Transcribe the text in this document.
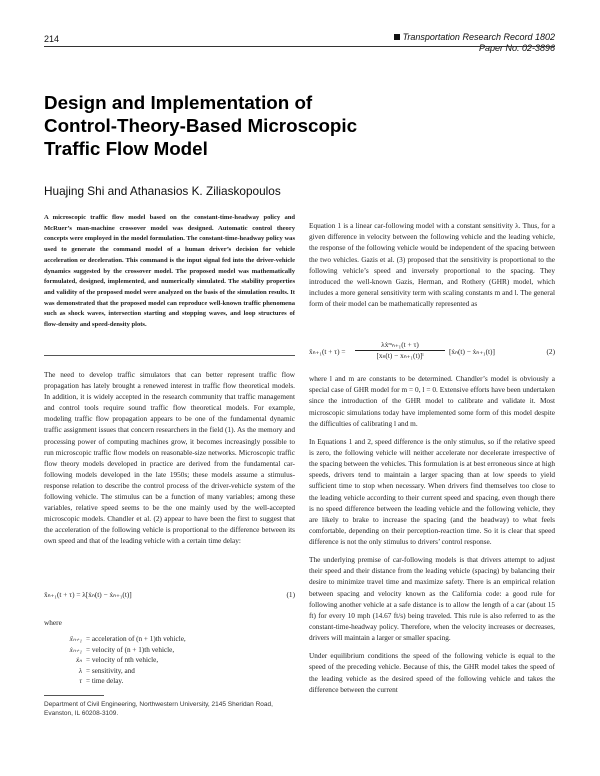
214	Transportation Research Record 1802
Paper No. 02-3896
Design and Implementation of
Control-Theory-Based Microscopic
Traffic Flow Model
Huajing Shi and Athanasios K. Ziliaskopoulos
A microscopic traffic flow model based on the constant-time-headway policy and McRuer’s man-machine crossover model was designed. Automatic control theory concepts were employed in the model formulation. The constant-time-headway policy was used to generate the command model of a human driver’s decision for vehicle acceleration or deceleration. This command is the input signal fed into the driver-vehicle dynamics suggested by the crossover model. The proposed model was mathematically formulated, designed, implemented, and numerically simulated. The stability properties and validity of the proposed model were analyzed on the basis of the simulation results. It was demonstrated that the proposed model can reproduce well-known traffic phenomena such as shock waves, intersection starting and stopping waves, and loop structures of flow-density and speed-density plots.

The need to develop traffic simulators that can better represent traffic flow propagation has lately brought a renewed interest in traffic flow theoretical models. In addition, it is widely accepted in the research community that traffic management and control tools require sound traffic flow theoretical models. For example, modeling traffic flow propagation appears to be one of the fundamental dynamic traffic assignment issues that concern researchers in the field (1). As the memory and processing power of computing machines grow, it becomes increasingly possible to run microscopic traffic flow models on reasonable-size networks. Microscopic traffic flow theory models developed in practice are derived from the fundamental car-following models developed in the late 1950s; these models assume a stimulus-response relation to describe the control process of the driver-vehicle system of the following vehicle. The stimulus can be a function of many variables; among these variables, relative speed seems to be the one mainly used by the well-accepted microscopic models. Chandler et al. (2) appear to have been the first to suggest that the acceleration of the following vehicle is proportional to the difference between its own speed and that of the leading vehicle with a certain time delay:

ẍₙ₊₁(t + τ) = λ[ẋₙ(t) − ẋₙ₊₁(t)]	(1)
where
ẍₙ₊₁ = acceleration of (n + 1)th vehicle,
ẋₙ₊₁ = velocity of (n + 1)th vehicle,
ẋₙ = velocity of nth vehicle,
λ = sensitivity, and
τ = time delay.
Department of Civil Engineering, Northwestern University, 2145 Sheridan Road, Evanston, IL 60208-3109.

Equation 1 is a linear car-following model with a constant sensitivity λ. Thus, for a given difference in velocity between the following vehicle and the leading vehicle, the response of the following vehicle would be independent of the spacing between the two vehicles. Gazis et al. (3) proposed that the sensitivity is proportional to the following vehicle’s speed and inversely proportional to the spacing. They introduced the well-known Gazis, Herman, and Rothery (GHR) model, which includes a more general sensitivity term with scaling constants m and l. The general form of their model can be mathematically represented as

ẍₙ₊₁(t + τ) =
λẋᵐₙ₊₁(t + τ)
[xₙ(t) − xₙ₊₁(t)]ˡ	[ẋₙ(t) − ẋₙ₊₁(t)]	(2)

where l and m are constants to be determined. Chandler’s model is obviously a special case of GHR model for m = 0, l = 0. Extensive efforts have been undertaken since the introduction of the GHR model to calibrate and validate it. Most microscopic simulations today have implemented some form of this model despite the difficulties of calibrating l and m.

In Equations 1 and 2, speed difference is the only stimulus, so if the relative speed is zero, the following vehicle will neither accelerate nor decelerate irrespective of the spacing between the vehicles. This formulation is at best erroneous since at high speeds, drivers tend to maintain a larger spacing than at low speeds to yield sufficient time to stop when necessary. When drivers find themselves too close to the leading vehicle according to their current speed and spacing, even though there is no speed difference between the leading vehicle and the following vehicle, they are likely to brake to increase the spacing (and the headway) to what feels comfortable, depending on their perception-reaction time. So it is clear that speed difference is not the only stimulus to drivers’ control response.

The underlying premise of car-following models is that drivers attempt to adjust their speed and their distance from the leading vehicle (spacing) by balancing their desire to minimize travel time and maximize safety. There is an empirical relation between spacing and velocity known as the California code: a good rule for following another vehicle at a safe distance is to allow the length of a car (about 15 ft) for every 10 mph (14.67 ft/s) being traveled. This rule is also referred to as the constant-time-headway policy. Therefore, when the velocity increases or decreases, drivers will maintain a larger or smaller spacing.

Under equilibrium conditions the speed of the following vehicle is equal to the speed of the preceding vehicle. Because of this, the GHR model takes the speed of the leading vehicle as the desired speed of the following vehicle and takes the difference between the current
